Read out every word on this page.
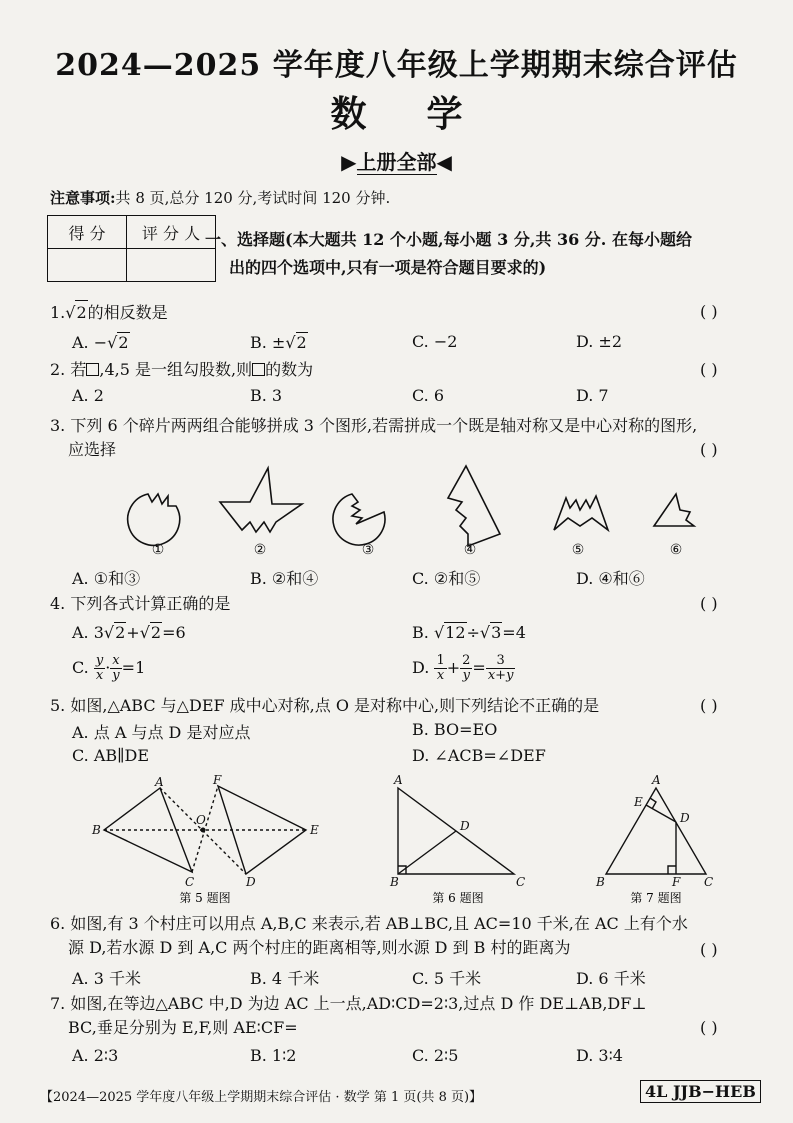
2024—2025 学年度八年级上学期期末综合评估
数学
▶上册全部◀
注意事项:共 8 页,总分 120 分,考试时间 120 分钟.
得 分	评 分 人
	一、选择题(本大题共 12 个小题,每小题 3 分,共 36 分. 在每小题给
出的四个选项中,只有一项是符合题目要求的)
1.√2的相反数是	( )
A. −√2	B. ±√2	C. −2	D. ±2
2. 若 ,4,5 是一组勾股数,则 的数为	( )
A. 2	B. 3	C. 6	D. 7
3. 下列 6 个碎片两两组合能够拼成 3 个图形,若需拼成一个既是轴对称又是中心对称的图形,
应选择	( )
①	②	③	④	⑤	⑥
A. ①和③	B. ②和④	C. ②和⑤	D. ④和⑥
4. 下列各式计算正确的是	( )
A. 3√2+√2=6	B. √12÷√3=4
C. $\frac{y}{x} \cdot \frac{x}{y} =1$	D. $\frac{1}{x} + \frac{2}{y} = \frac{3}{x+y}$
5. 如图,△ABC 与△DEF 成中心对称,点 O 是对称中心,则下列结论不正确的是	( )
A. 点 A 与点 D 是对应点	B. BO=EO
C. AB∥DE	D. ∠ACB=∠DEF
A
B
C	D
E
F
O
第 5 题图
A
B	C
D
第 6 题图
A
B	C
D
E
F
第 7 题图
6. 如图,有 3 个村庄可以用点 A,B,C 来表示,若 AB⊥BC,且 AC=10 千米,在 AC 上有个水
源 D,若水源 D 到 A,C 两个村庄的距离相等,则水源 D 到 B 村的距离为	( )
A. 3 千米	B. 4 千米	C. 5 千米	D. 6 千米
7. 如图,在等边△ABC 中,D 为边 AC 上一点,AD∶CD=2∶3,过点 D 作 DE⊥AB,DF⊥
BC,垂足分别为 E,F,则 AE∶CF=	( )
A. 2∶3	B. 1∶2	C. 2∶5	D. 3∶4
【2024—2025 学年度八年级上学期期末综合评估 · 数学 第 1 页(共 8 页)】	4L JJB−HEB
